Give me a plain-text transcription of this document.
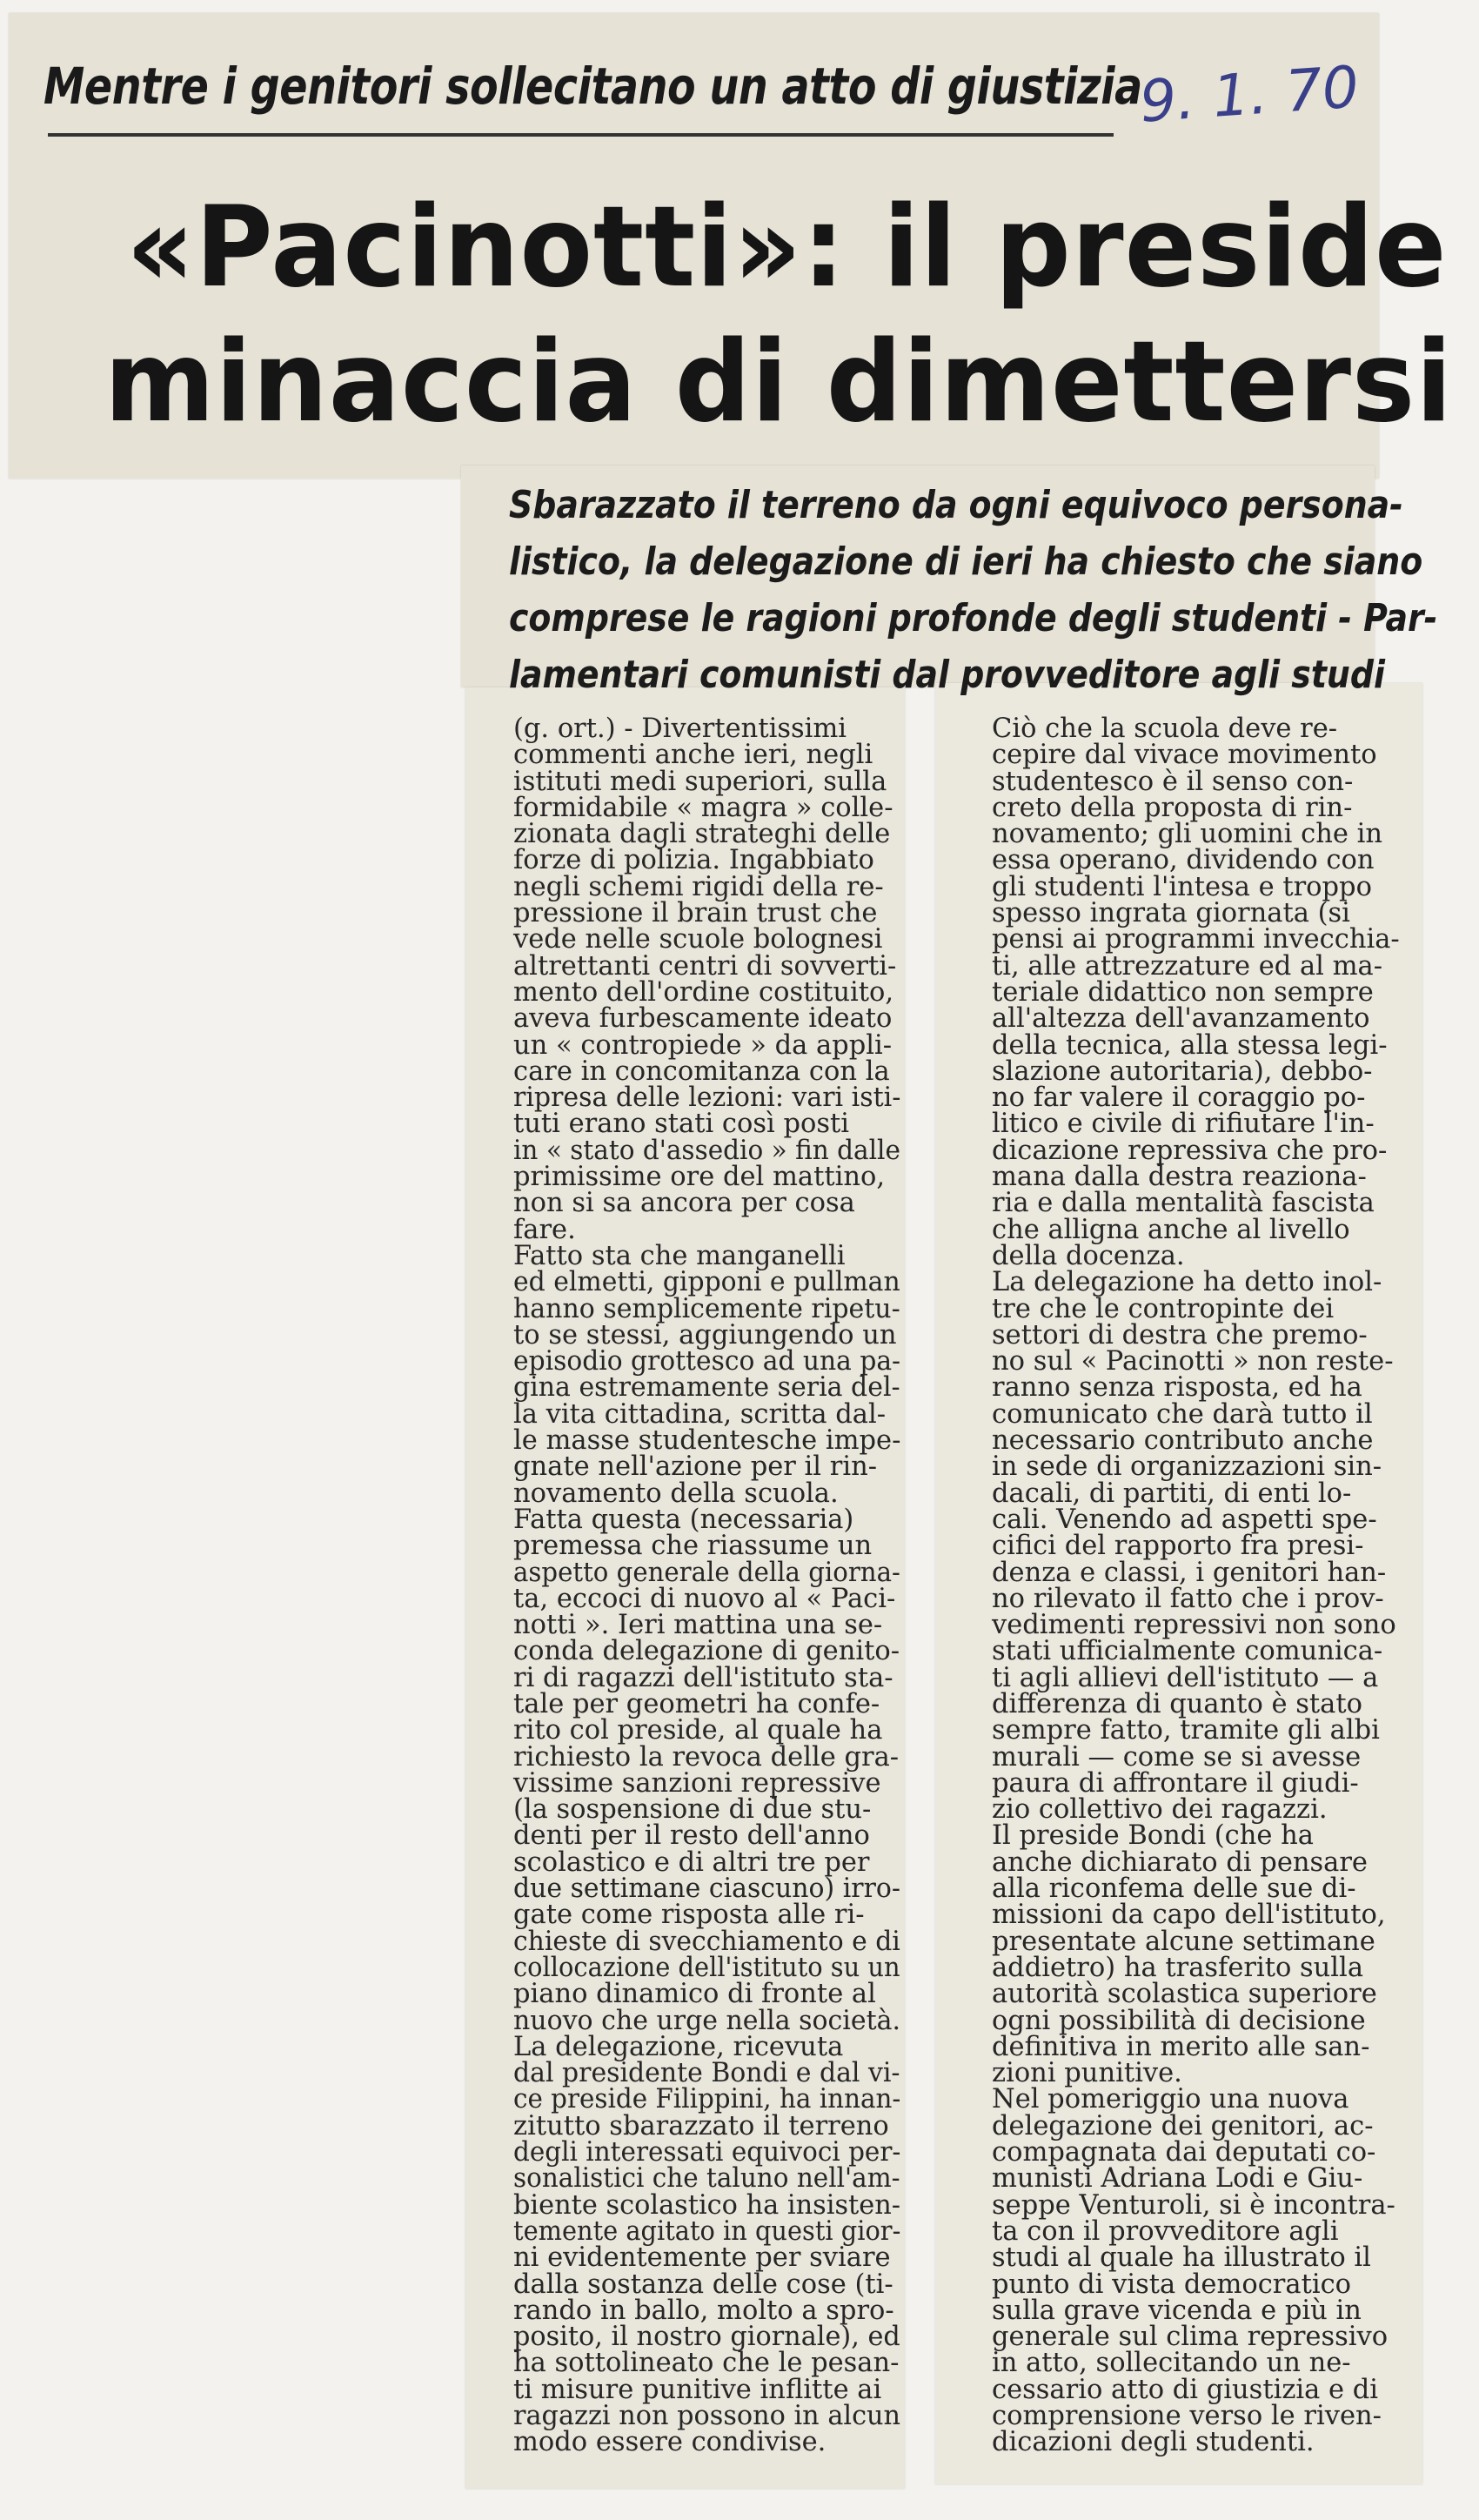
Mentre i genitori sollecitano un atto di giustizia
9. 1. 70
«Pacinotti»: il preside
minaccia di dimettersi
Sbarazzato il terreno da ogni equivoco persona-
listico, la delegazione di ieri ha chiesto che siano
comprese le ragioni profonde degli studenti - Par-
lamentari comunisti dal provveditore agli studi
(g. ort.) - Divertentissimi
commenti anche ieri, negli
istituti medi superiori, sulla
formidabile « magra » colle-
zionata dagli strateghi delle
forze di polizia. Ingabbiato
negli schemi rigidi della re-
pressione il brain trust che
vede nelle scuole bolognesi
altrettanti centri di sovverti-
mento dell'ordine costituito,
aveva furbescamente ideato
un « contropiede » da appli-
care in concomitanza con la
ripresa delle lezioni: vari isti-
tuti erano stati così posti
in « stato d'assedio » fin dalle
primissime ore del mattino,
non si sa ancora per cosa
fare.
Fatto sta che manganelli
ed elmetti, gipponi e pullman
hanno semplicemente ripetu-
to se stessi, aggiungendo un
episodio grottesco ad una pa-
gina estremamente seria del-
la vita cittadina, scritta dal-
le masse studentesche impe-
gnate nell'azione per il rin-
novamento della scuola.
Fatta questa (necessaria)
premessa che riassume un
aspetto generale della giorna-
ta, eccoci di nuovo al « Paci-
notti ». Ieri mattina una se-
conda delegazione di genito-
ri di ragazzi dell'istituto sta-
tale per geometri ha confe-
rito col preside, al quale ha
richiesto la revoca delle gra-
vissime sanzioni repressive
(la sospensione di due stu-
denti per il resto dell'anno
scolastico e di altri tre per
due settimane ciascuno) irro-
gate come risposta alle ri-
chieste di svecchiamento e di
collocazione dell'istituto su un
piano dinamico di fronte al
nuovo che urge nella società.
La delegazione, ricevuta
dal presidente Bondi e dal vi-
ce preside Filippini, ha innan-
zitutto sbarazzato il terreno
degli interessati equivoci per-
sonalistici che taluno nell'am-
biente scolastico ha insisten-
temente agitato in questi gior-
ni evidentemente per sviare
dalla sostanza delle cose (ti-
rando in ballo, molto a spro-
posito, il nostro giornale), ed
ha sottolineato che le pesan-
ti misure punitive inflitte ai
ragazzi non possono in alcun
modo essere condivise.
Ciò che la scuola deve re-
cepire dal vivace movimento
studentesco è il senso con-
creto della proposta di rin-
novamento; gli uomini che in
essa operano, dividendo con
gli studenti l'intesa e troppo
spesso ingrata giornata (si
pensi ai programmi invecchia-
ti, alle attrezzature ed al ma-
teriale didattico non sempre
all'altezza dell'avanzamento
della tecnica, alla stessa legi-
slazione autoritaria), debbo-
no far valere il coraggio po-
litico e civile di rifiutare l'in-
dicazione repressiva che pro-
mana dalla destra reaziona-
ria e dalla mentalità fascista
che alligna anche al livello
della docenza.
La delegazione ha detto inol-
tre che le contropinte dei
settori di destra che premo-
no sul « Pacinotti » non reste-
ranno senza risposta, ed ha
comunicato che darà tutto il
necessario contributo anche
in sede di organizzazioni sin-
dacali, di partiti, di enti lo-
cali. Venendo ad aspetti spe-
cifici del rapporto fra presi-
denza e classi, i genitori han-
no rilevato il fatto che i prov-
vedimenti repressivi non sono
stati ufficialmente comunica-
ti agli allievi dell'istituto — a
differenza di quanto è stato
sempre fatto, tramite gli albi
murali — come se si avesse
paura di affrontare il giudi-
zio collettivo dei ragazzi.
Il preside Bondi (che ha
anche dichiarato di pensare
alla riconfema delle sue di-
missioni da capo dell'istituto,
presentate alcune settimane
addietro) ha trasferito sulla
autorità scolastica superiore
ogni possibilità di decisione
definitiva in merito alle san-
zioni punitive.
Nel pomeriggio una nuova
delegazione dei genitori, ac-
compagnata dai deputati co-
munisti Adriana Lodi e Giu-
seppe Venturoli, si è incontra-
ta con il provveditore agli
studi al quale ha illustrato il
punto di vista democratico
sulla grave vicenda e più in
generale sul clima repressivo
in atto, sollecitando un ne-
cessario atto di giustizia e di
comprensione verso le riven-
dicazioni degli studenti.
